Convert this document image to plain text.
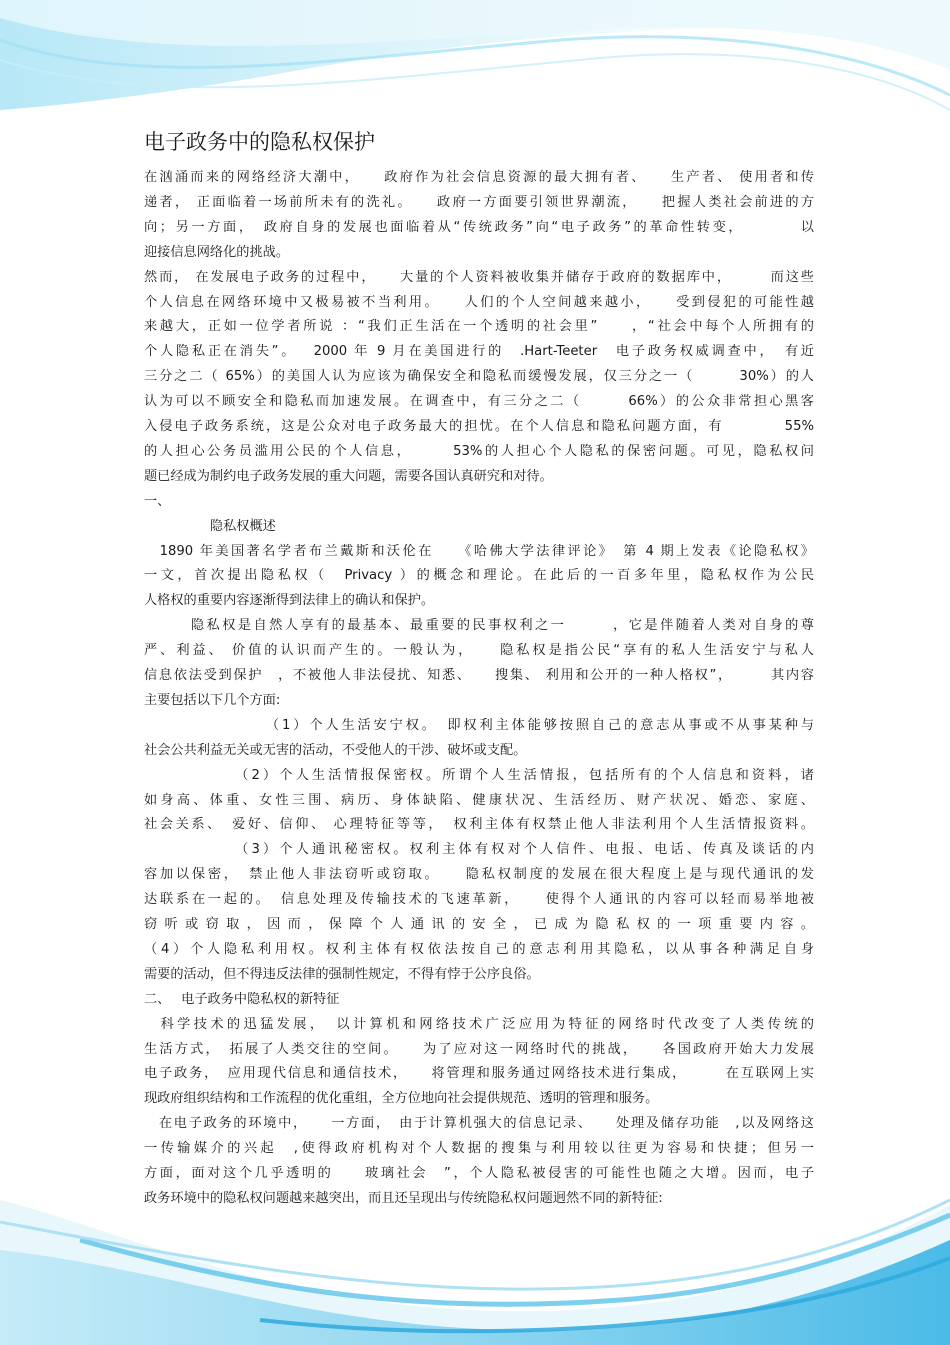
电子政务中的隐私权保护
在汹涌而来的网络经济大潮中，　　政府作为社会信息资源的最大拥有者、　　生产者、 使用者和传
递者， 正面临着一场前所未有的洗礼。　　政府一方面要引领世界潮流，　　把握人类社会前进的方
向；另一方面，　政府自身的发展也面临着从“传统政务”向“电子政务”的革命性转变，　　　　以
迎接信息网络化的挑战。
然而， 在发展电子政务的过程中，　　大量的个人资料被收集并储存于政府的数据库中，　　　而这些
个人信息在网络环境中又极易被不当利用。　　人们的个人空间越来越小，　　受到侵犯的可能性越
来越大，正如一位学者所说 ：“我们正生活在一个透明的社会里”　　，“社会中每个人所拥有的
个人隐私正在消失”。　 2000 年 9 月在美国进行的　.Hart-Teeter　电子政务权威调查中，　有近
三分之二（ 65%）的美国人认为应该为确保安全和隐私而缓慢发展，仅三分之一（　　　30%）的人
认为可以不顾安全和隐私而加速发展。在调查中，有三分之二（　　　66%）的公众非常担心黑客
入侵电子政务系统，这是公众对电子政务最大的担忧。在个人信息和隐私问题方面，有　　　　55%
的人担心公务员滥用公民的个人信息，　　　53%的人担心个人隐私的保密问题。可见，隐私权问
题已经成为制约电子政务发展的重大问题，需要各国认真研究和对待。
一、
　　　　　隐私权概述
　1890 年美国著名学者布兰戴斯和沃伦在　　《哈佛大学法律评论》　第 4 期上发表《论隐私权》
一文，首次提出隐私权（　Privacy ）的概念和理论。在此后的一百多年里，隐私权作为公民
人格权的重要内容逐渐得到法律上的确认和保护。
　　　隐私权是自然人享有的最基本、最重要的民事权利之一　　　，它是伴随着人类对自身的尊
严、利益、 价值的认识而产生的。一般认为，　　隐私权是指公民“享有的私人生活安宁与私人
信息依法受到保护　，不被他人非法侵扰、知悉、　　搜集、 利用和公开的一种人格权”，　　　其内容
主要包括以下几个方面:
　　　　　　　　（1）个人生活安宁权。　即权利主体能够按照自己的意志从事或不从事某种与
社会公共利益无关或无害的活动，不受他人的干涉、破坏或支配。
　　　　　　（2）个人生活情报保密权。所谓个人生活情报，包括所有的个人信息和资料，诸
如身高、体重、女性三围、病历、身体缺陷、健康状况、生活经历、财产状况、婚恋、家庭、
社会关系、　爱好、信仰、 心理特征等等，　权利主体有权禁止他人非法利用个人生活情报资料。
　　　　　　（3）个人通讯秘密权。权利主体有权对个人信件、电报、电话、传真及谈话的内
容加以保密，　禁止他人非法窃听或窃取。　　隐私权制度的发展在很大程度上是与现代通讯的发
达联系在一起的。　信息处理及传输技术的飞速革新，　　使得个人通讯的内容可以轻而易举地被
窃听或窃取，因而，保障个人通讯的安全，已成为隐私权的一项重要内容。
（4）个人隐私利用权。权利主体有权依法按自己的意志利用其隐私，以从事各种满足自身
需要的活动，但不得违反法律的强制性规定，不得有悖于公序良俗。
二、　 电子政务中隐私权的新特征
　科学技术的迅猛发展，　以计算机和网络技术广泛应用为特征的网络时代改变了人类传统的
生活方式，　拓展了人类交往的空间。　　为了应对这一网络时代的挑战，　　各国政府开始大力发展
电子政务，　应用现代信息和通信技术，　　将管理和服务通过网络技术进行集成，　　　在互联网上实
现政府组织结构和工作流程的优化重组，全方位地向社会提供规范、透明的管理和服务。
　在电子政务的环境中，　　一方面，　由于计算机强大的信息记录、　　处理及储存功能　,以及网络这
一传输媒介的兴起　,使得政府机构对个人数据的搜集与利用较以往更为容易和快捷；但另一
方面，面对这个几乎透明的　　玻璃社会　”，个人隐私被侵害的可能性也随之大增。因而，电子
政务环境中的隐私权问题越来越突出，而且还呈现出与传统隐私权问题迥然不同的新特征:
